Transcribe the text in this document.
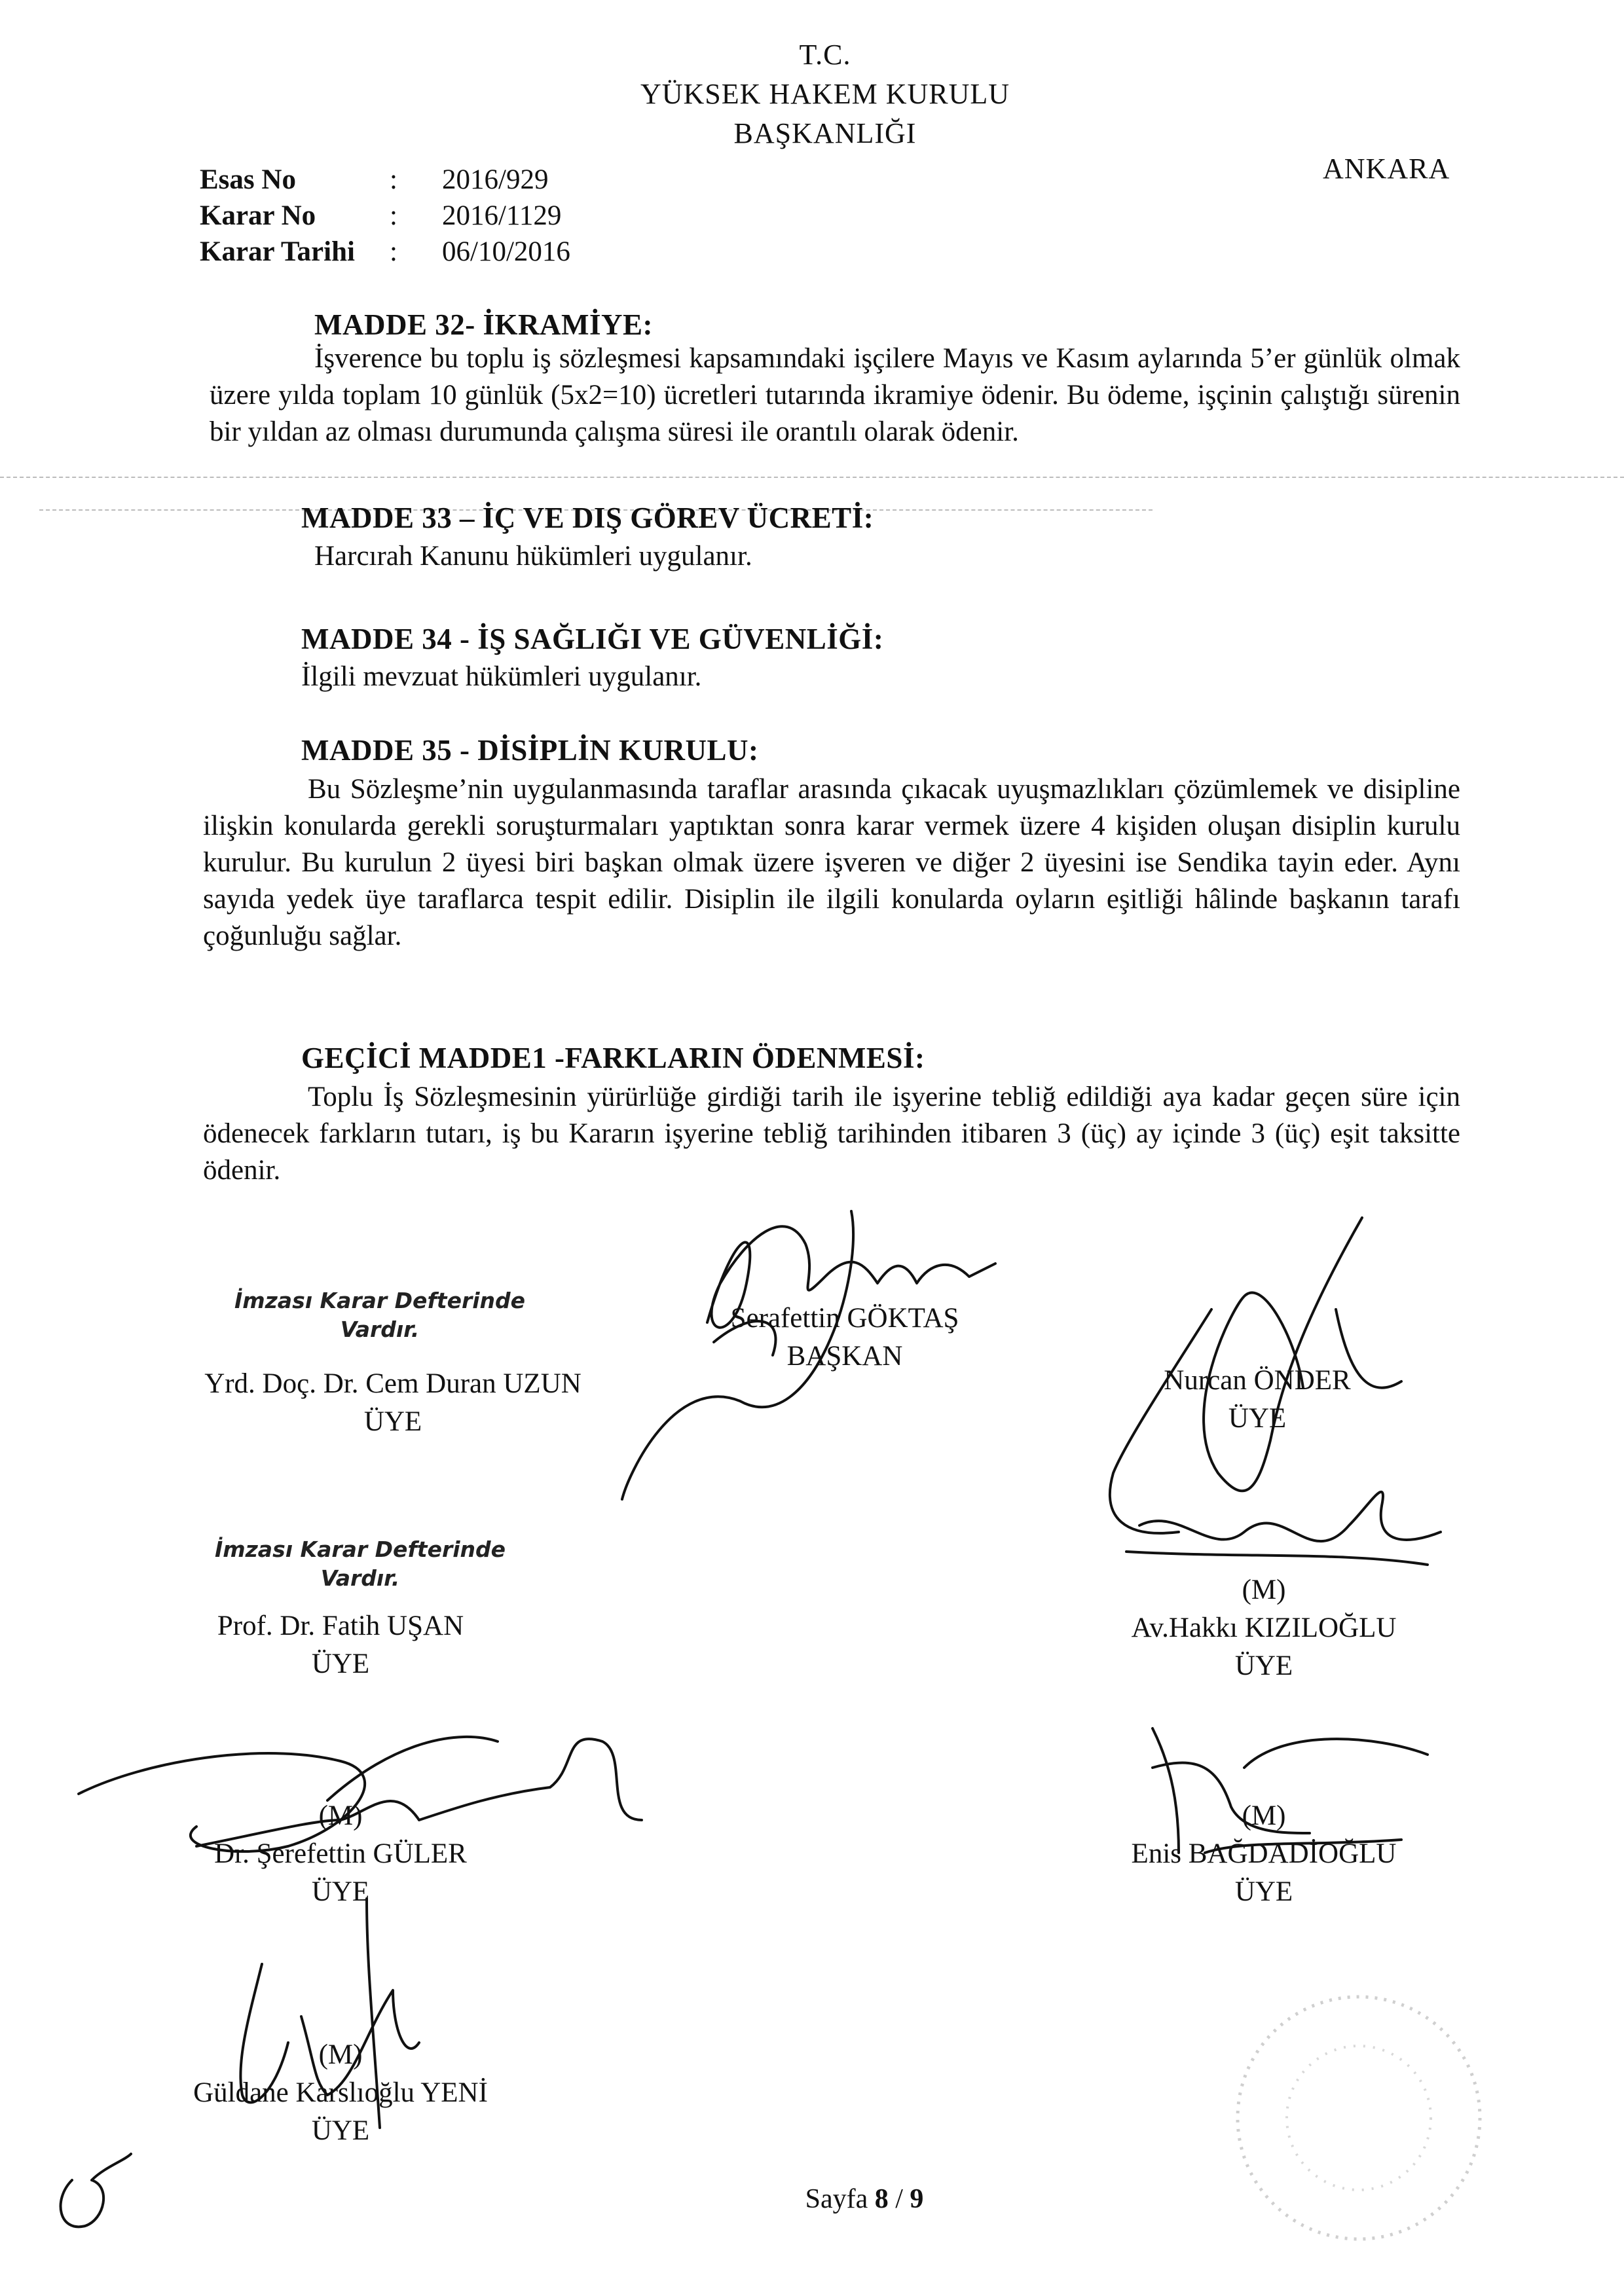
T.C.
YÜKSEK HAKEM KURULU
BAŞKANLIĞI
ANKARA
Esas No	: 2016/929
Karar No	: 2016/1129
Karar Tarihi : 06/10/2016
MADDE 32- İKRAMİYE:
İşverence bu toplu iş sözleşmesi kapsamındaki işçilere Mayıs ve Kasım aylarında 5’er günlük olmak üzere yılda toplam 10 günlük (5x2=10) ücretleri tutarında ikramiye ödenir. Bu ödeme, işçinin çalıştığı sürenin bir yıldan az olması durumunda çalışma süresi ile orantılı olarak ödenir.
MADDE 33 – İÇ VE DIŞ GÖREV ÜCRETİ:
Harcırah Kanunu hükümleri uygulanır.
MADDE 34 - İŞ SAĞLIĞI VE GÜVENLİĞİ:
İlgili mevzuat hükümleri uygulanır.
MADDE 35 - DİSİPLİN KURULU:
Bu Sözleşme’nin uygulanmasında taraflar arasında çıkacak uyuşmazlıkları çözümlemek ve disipline ilişkin konularda gerekli soruşturmaları yaptıktan sonra karar vermek üzere 4 kişiden oluşan disiplin kurulu kurulur. Bu kurulun 2 üyesi biri başkan olmak üzere işveren ve diğer 2 üyesini ise Sendika tayin eder. Aynı sayıda yedek üye taraflarca tespit edilir. Disiplin ile ilgili konularda oyların eşitliği hâlinde başkanın tarafı çoğunluğu sağlar.
GEÇİCİ MADDE1 -FARKLARIN ÖDENMESİ:
Toplu İş Sözleşmesinin yürürlüğe girdiği tarih ile işyerine tebliğ edildiği aya kadar geçen süre için ödenecek farkların tutarı, iş bu Kararın işyerine tebliğ tarihinden itibaren 3 (üç) ay içinde 3 (üç) eşit taksitte ödenir.
Serafettin GÖKTAŞ
BAŞKAN
İmzası Karar Defterinde Vardır.
Yrd. Doç. Dr. Cem Duran UZUN
ÜYE
Nurcan ÖNDER
ÜYE
İmzası Karar Defterinde Vardır.
Prof. Dr. Fatih UŞAN
ÜYE
(M)
Av.Hakkı KIZILOĞLU
ÜYE
(M)
Dr. Şerefettin GÜLER
ÜYE
(M)
Enis BAĞDADİOĞLU
ÜYE
(M)
Güldane Karslıoğlu YENİ
ÜYE
Sayfa 8 / 9
